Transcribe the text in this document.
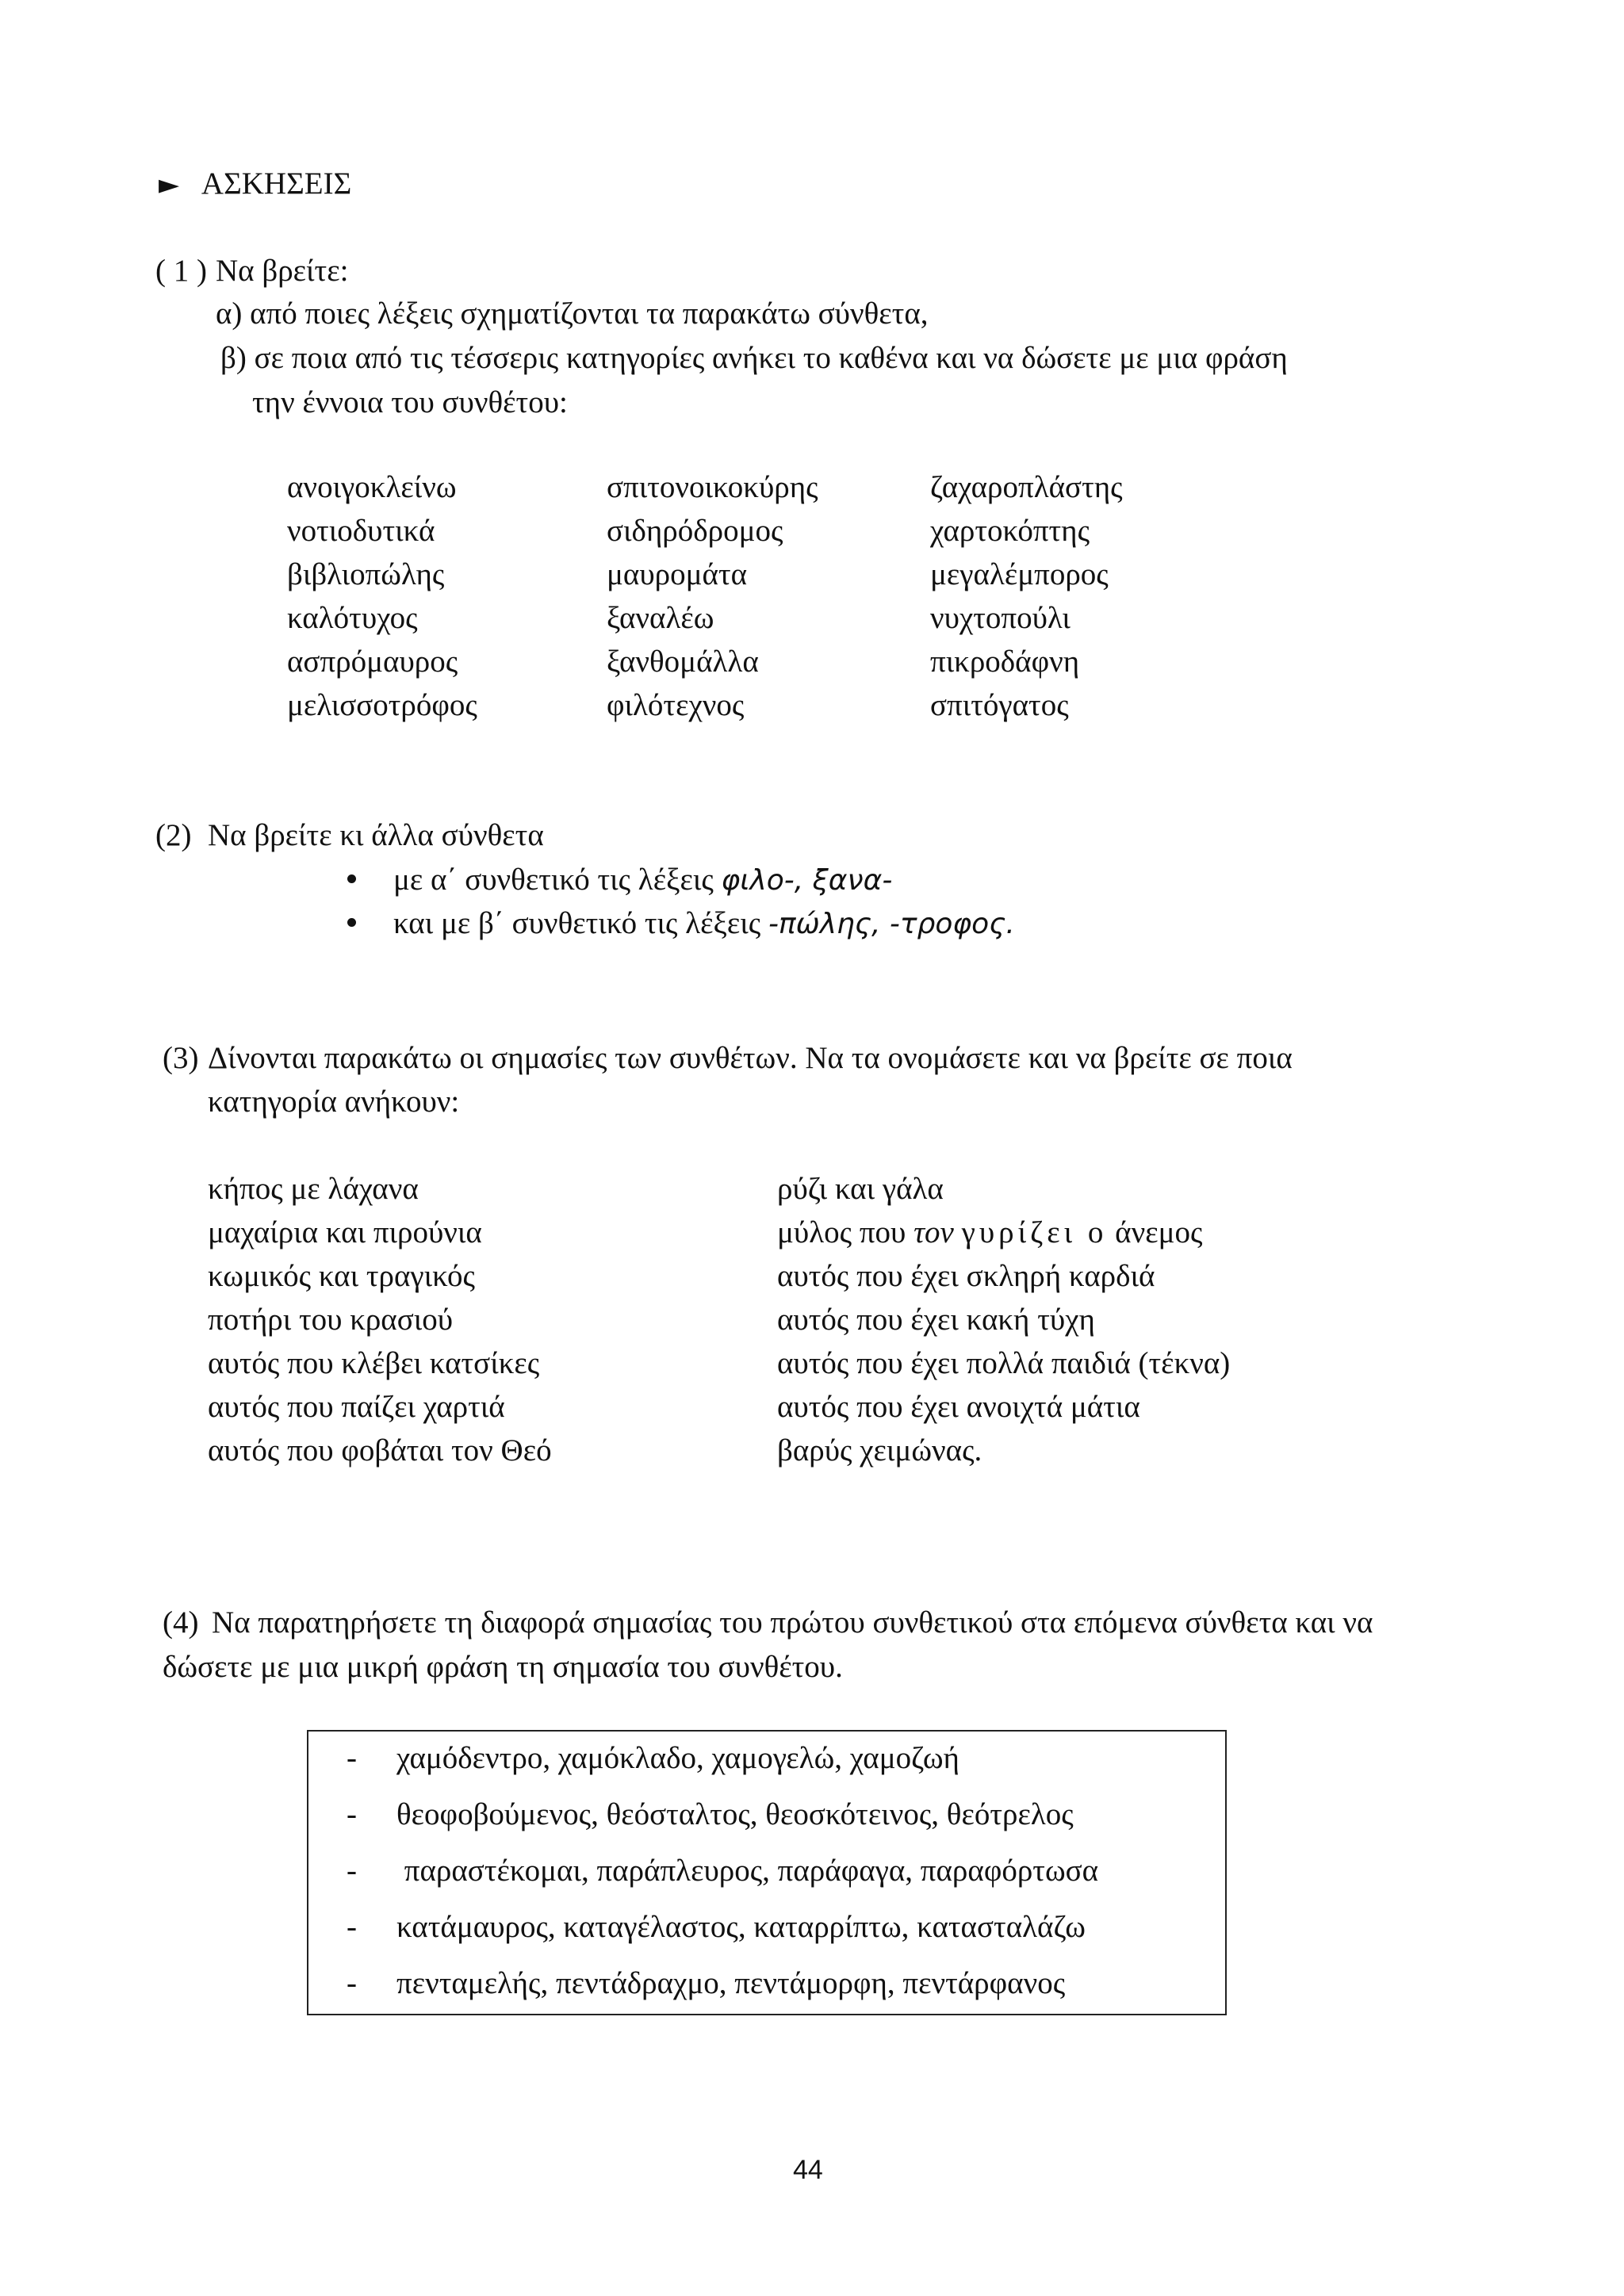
► ΑΣΚΗΣΕΙΣ
( 1 ) Να βρείτε:
α) από ποιες λέξεις σχηματίζονται τα παρακάτω σύνθετα,
β) σε ποια από τις τέσσερις κατηγορίες ανήκει το καθένα και να δώσετε με μια φράση
την έννοια του συνθέτου:
ανοιγοκλείνω
νοτιοδυτικά
βιβλιοπώλης
καλότυχος
ασπρόμαυρος
μελισσοτρόφος
σπιτονοικοκύρης
σιδηρόδρομος
μαυρομάτα
ξαναλέω
ξανθομάλλα
φιλότεχνος
ζαχαροπλάστης
χαρτοκόπτης
μεγαλέμπορος
νυχτοπούλι
πικροδάφνη
σπιτόγατος
(2) Να βρείτε κι άλλα σύνθετα
με α΄ συνθετικό τις λέξεις φιλο-, ξανα-
και με β΄ συνθετικό τις λέξεις -πώλης, -τροφος.
(3) Δίνονται παρακάτω οι σημασίες των συνθέτων. Να τα ονομάσετε και να βρείτε σε ποια
κατηγορία ανήκουν:
κήπος με λάχανα
μαχαίρια και πιρούνια
κωμικός και τραγικός
ποτήρι του κρασιού
αυτός που κλέβει κατσίκες
αυτός που παίζει χαρτιά
αυτός που φοβάται τον Θεό
ρύζι και γάλα
μύλος που τον γυρίζει ο άνεμος
αυτός που έχει σκληρή καρδιά
αυτός που έχει κακή τύχη
αυτός που έχει πολλά παιδιά (τέκνα)
αυτός που έχει ανοιχτά μάτια
βαρύς χειμώνας.
(4) Να παρατηρήσετε τη διαφορά σημασίας του πρώτου συνθετικού στα επόμενα σύνθετα και να
δώσετε με μια μικρή φράση τη σημασία του συνθέτου.
- χαμόδεντρο, χαμόκλαδο, χαμογελώ, χαμοζωή
- θεοφοβούμενος, θεόσταλτος, θεοσκότεινος, θεότρελος
- παραστέκομαι, παράπλευρος, παράφαγα, παραφόρτωσα
- κατάμαυρος, καταγέλαστος, καταρρίπτω, κατασταλάζω
- πενταμελής, πεντάδραχμο, πεντάμορφη, πεντάρφανος
44
